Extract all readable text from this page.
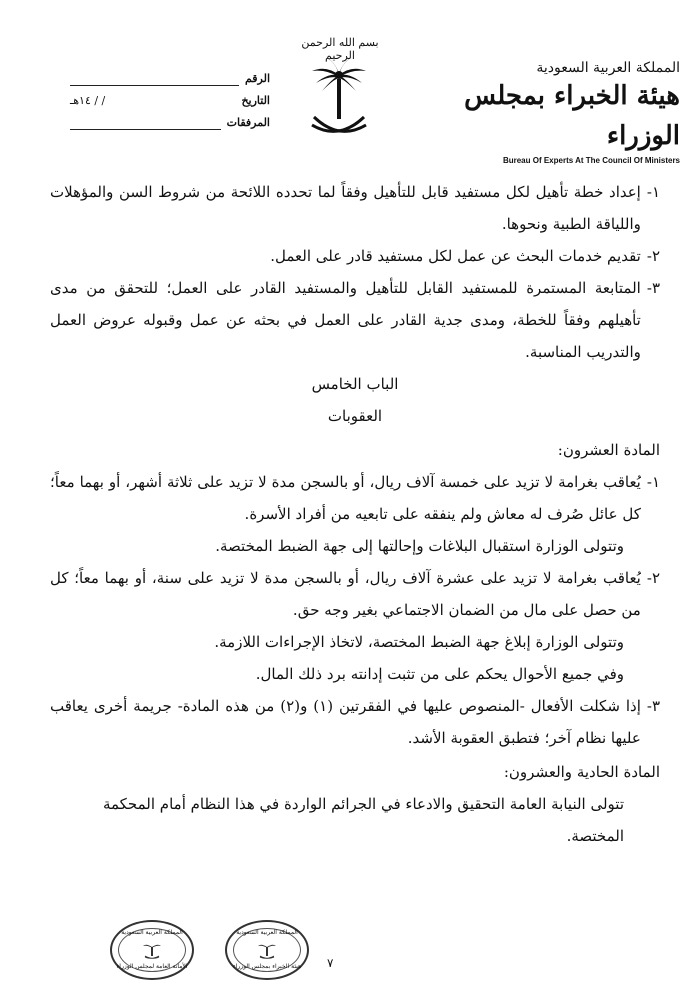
الرقم
التاريخ
/ / ١٤هـ
المرفقات
بسم الله الرحمن الرحيم
المملكة العربية السعودية
هيئة الخبراء بمجلس الوزراء
Bureau Of Experts At The Council Of Ministers
١-
إعداد خطة تأهيل لكل مستفيد قابل للتأهيل وفقاً لما تحدده اللائحة من شروط السن والمؤهلات واللياقة الطبية ونحوها.
٢-
تقديم خدمات البحث عن عمل لكل مستفيد قادر على العمل.
٣-
المتابعة المستمرة للمستفيد القابل للتأهيل والمستفيد القادر على العمل؛ للتحقق من مدى تأهيلهم وفقاً للخطة، ومدى جدية القادر على العمل في بحثه عن عمل وقبوله عروض العمل والتدريب المناسبة.
الباب الخامس
العقوبات
المادة العشرون:
١-
يُعاقب بغرامة لا تزيد على خمسة آلاف ريال، أو بالسجن مدة لا تزيد على ثلاثة أشهر، أو بهما معاً؛ كل عائل صُرف له معاش ولم ينفقه على تابعيه من أفراد الأسرة.
وتتولى الوزارة استقبال البلاغات وإحالتها إلى جهة الضبط المختصة.
٢-
يُعاقب بغرامة لا تزيد على عشرة آلاف ريال، أو بالسجن مدة لا تزيد على سنة، أو بهما معاً؛ كل من حصل على مال من الضمان الاجتماعي بغير وجه حق.
وتتولى الوزارة إبلاغ جهة الضبط المختصة، لاتخاذ الإجراءات اللازمة.
وفي جميع الأحوال يحكم على من تثبت إدانته برد ذلك المال.
٣-
إذا شكلت الأفعال -المنصوص عليها في الفقرتين (١) و(٢) من هذه المادة- جريمة أخرى يعاقب عليها نظام آخر؛ فتطبق العقوبة الأشد.
المادة الحادية والعشرون:
تتولى النيابة العامة التحقيق والادعاء في الجرائم الواردة في هذا النظام أمام المحكمة المختصة.
المملكة العربية السعودية
الأمانة العامة لمجلس الوزراء
المملكة العربية السعودية
هيئة الخبراء بمجلس الوزراء	٧
